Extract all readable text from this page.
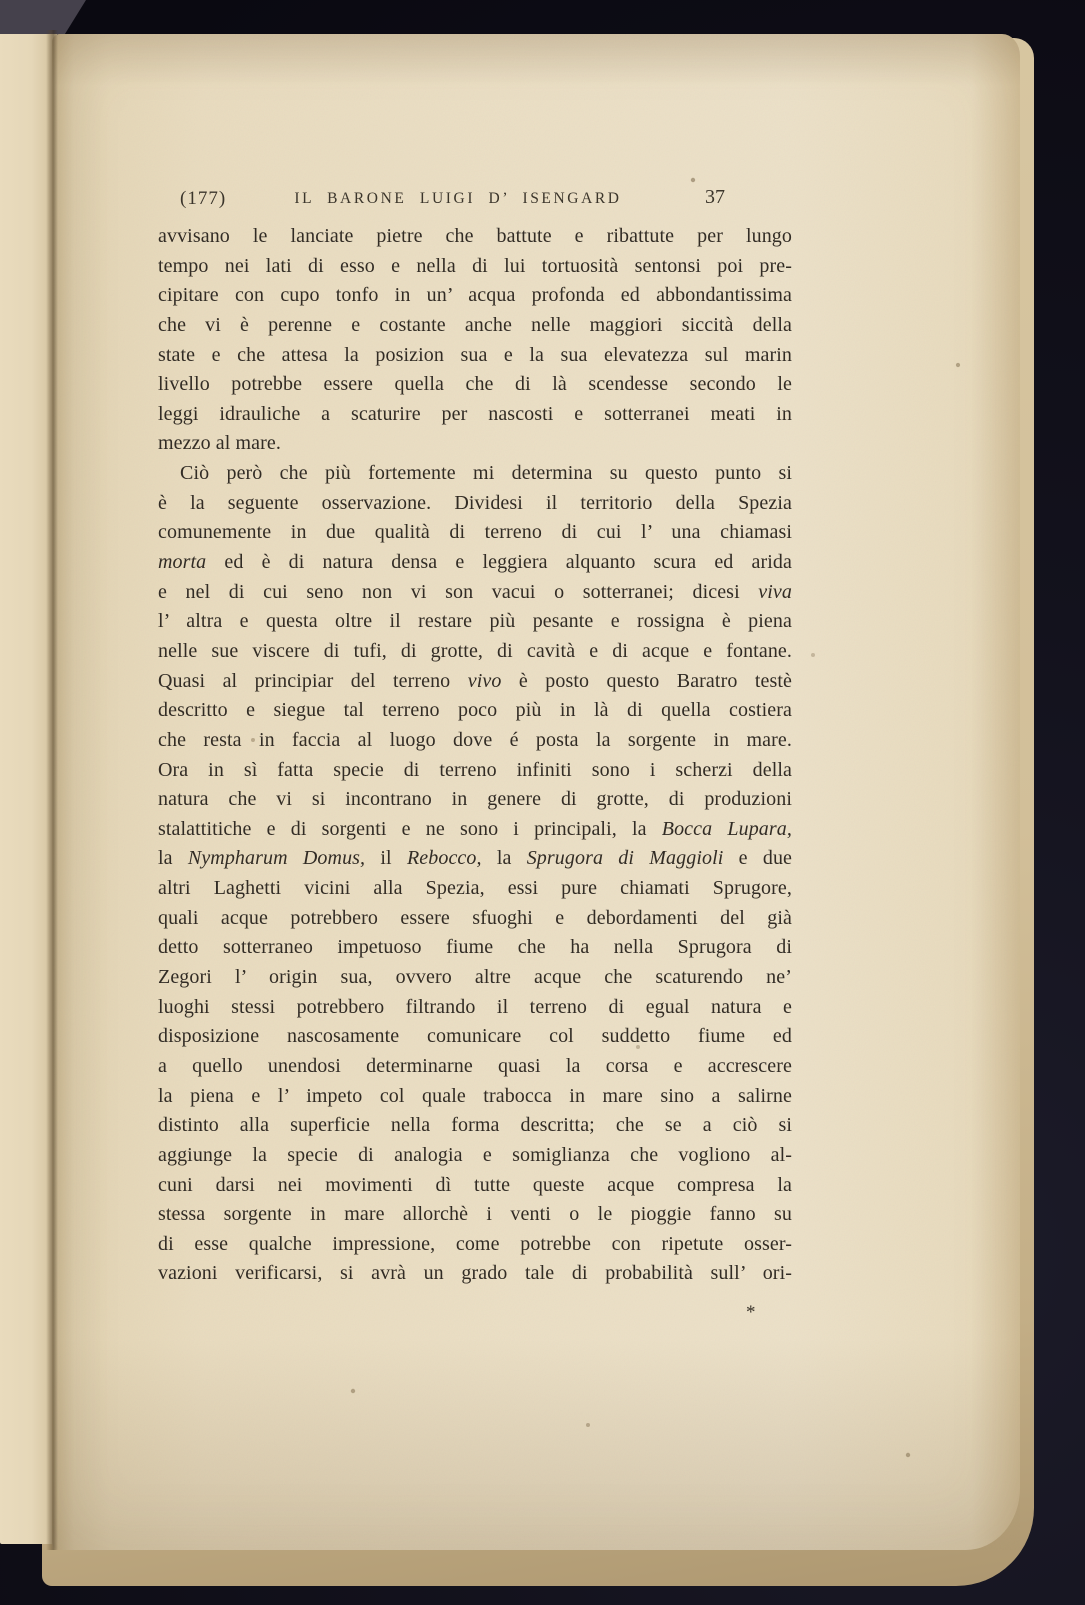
(177)	IL BARONE LUIGI D’ ISENGARD	37
avvisano le lanciate pietre che battute e ribattute per lungo
tempo nei lati di esso e nella di lui tortuosità sentonsi poi pre-
cipitare con cupo tonfo in un’ acqua profonda ed abbondantissima
che vi è perenne e costante anche nelle maggiori siccità della
state e che attesa la posizion sua e la sua elevatezza sul marin
livello potrebbe essere quella che di là scendesse secondo le
leggi idrauliche a scaturire per nascosti e sotterranei meati in
mezzo al mare.
Ciò però che più fortemente mi determina su questo punto si
è la seguente osservazione. Dividesi il territorio della Spezia
comunemente in due qualità di terreno di cui l’ una chiamasi
morta ed è di natura densa e leggiera alquanto scura ed arida
e nel di cui seno non vi son vacui o sotterranei; dicesi viva
l’ altra e questa oltre il restare più pesante e rossigna è piena
nelle sue viscere di tufi, di grotte, di cavità e di acque e fontane.
Quasi al principiar del terreno vivo è posto questo Baratro testè
descritto e siegue tal terreno poco più in là di quella costiera
che resta in faccia al luogo dove é posta la sorgente in mare.
Ora in sì fatta specie di terreno infiniti sono i scherzi della
natura che vi si incontrano in genere di grotte, di produzioni
stalattitiche e di sorgenti e ne sono i principali, la Bocca Lupara,
la Nympharum Domus, il Rebocco, la Sprugora di Maggioli e due
altri Laghetti vicini alla Spezia, essi pure chiamati Sprugore,
quali acque potrebbero essere sfuoghi e debordamenti del già
detto sotterraneo impetuoso fiume che ha nella Sprugora di
Zegori l’ origin sua, ovvero altre acque che scaturendo ne’
luoghi stessi potrebbero filtrando il terreno di egual natura e
disposizione nascosamente comunicare col suddetto fiume ed
a quello unendosi determinarne quasi la corsa e accrescere
la piena e l’ impeto col quale trabocca in mare sino a salirne
distinto alla superficie nella forma descritta; che se a ciò si
aggiunge la specie di analogia e somiglianza che vogliono al-
cuni darsi nei movimenti dì tutte queste acque compresa la
stessa sorgente in mare allorchè i venti o le pioggie fanno su
di esse qualche impressione, come potrebbe con ripetute osser-
vazioni verificarsi, si avrà un grado tale di probabilità sull’ ori-
*
